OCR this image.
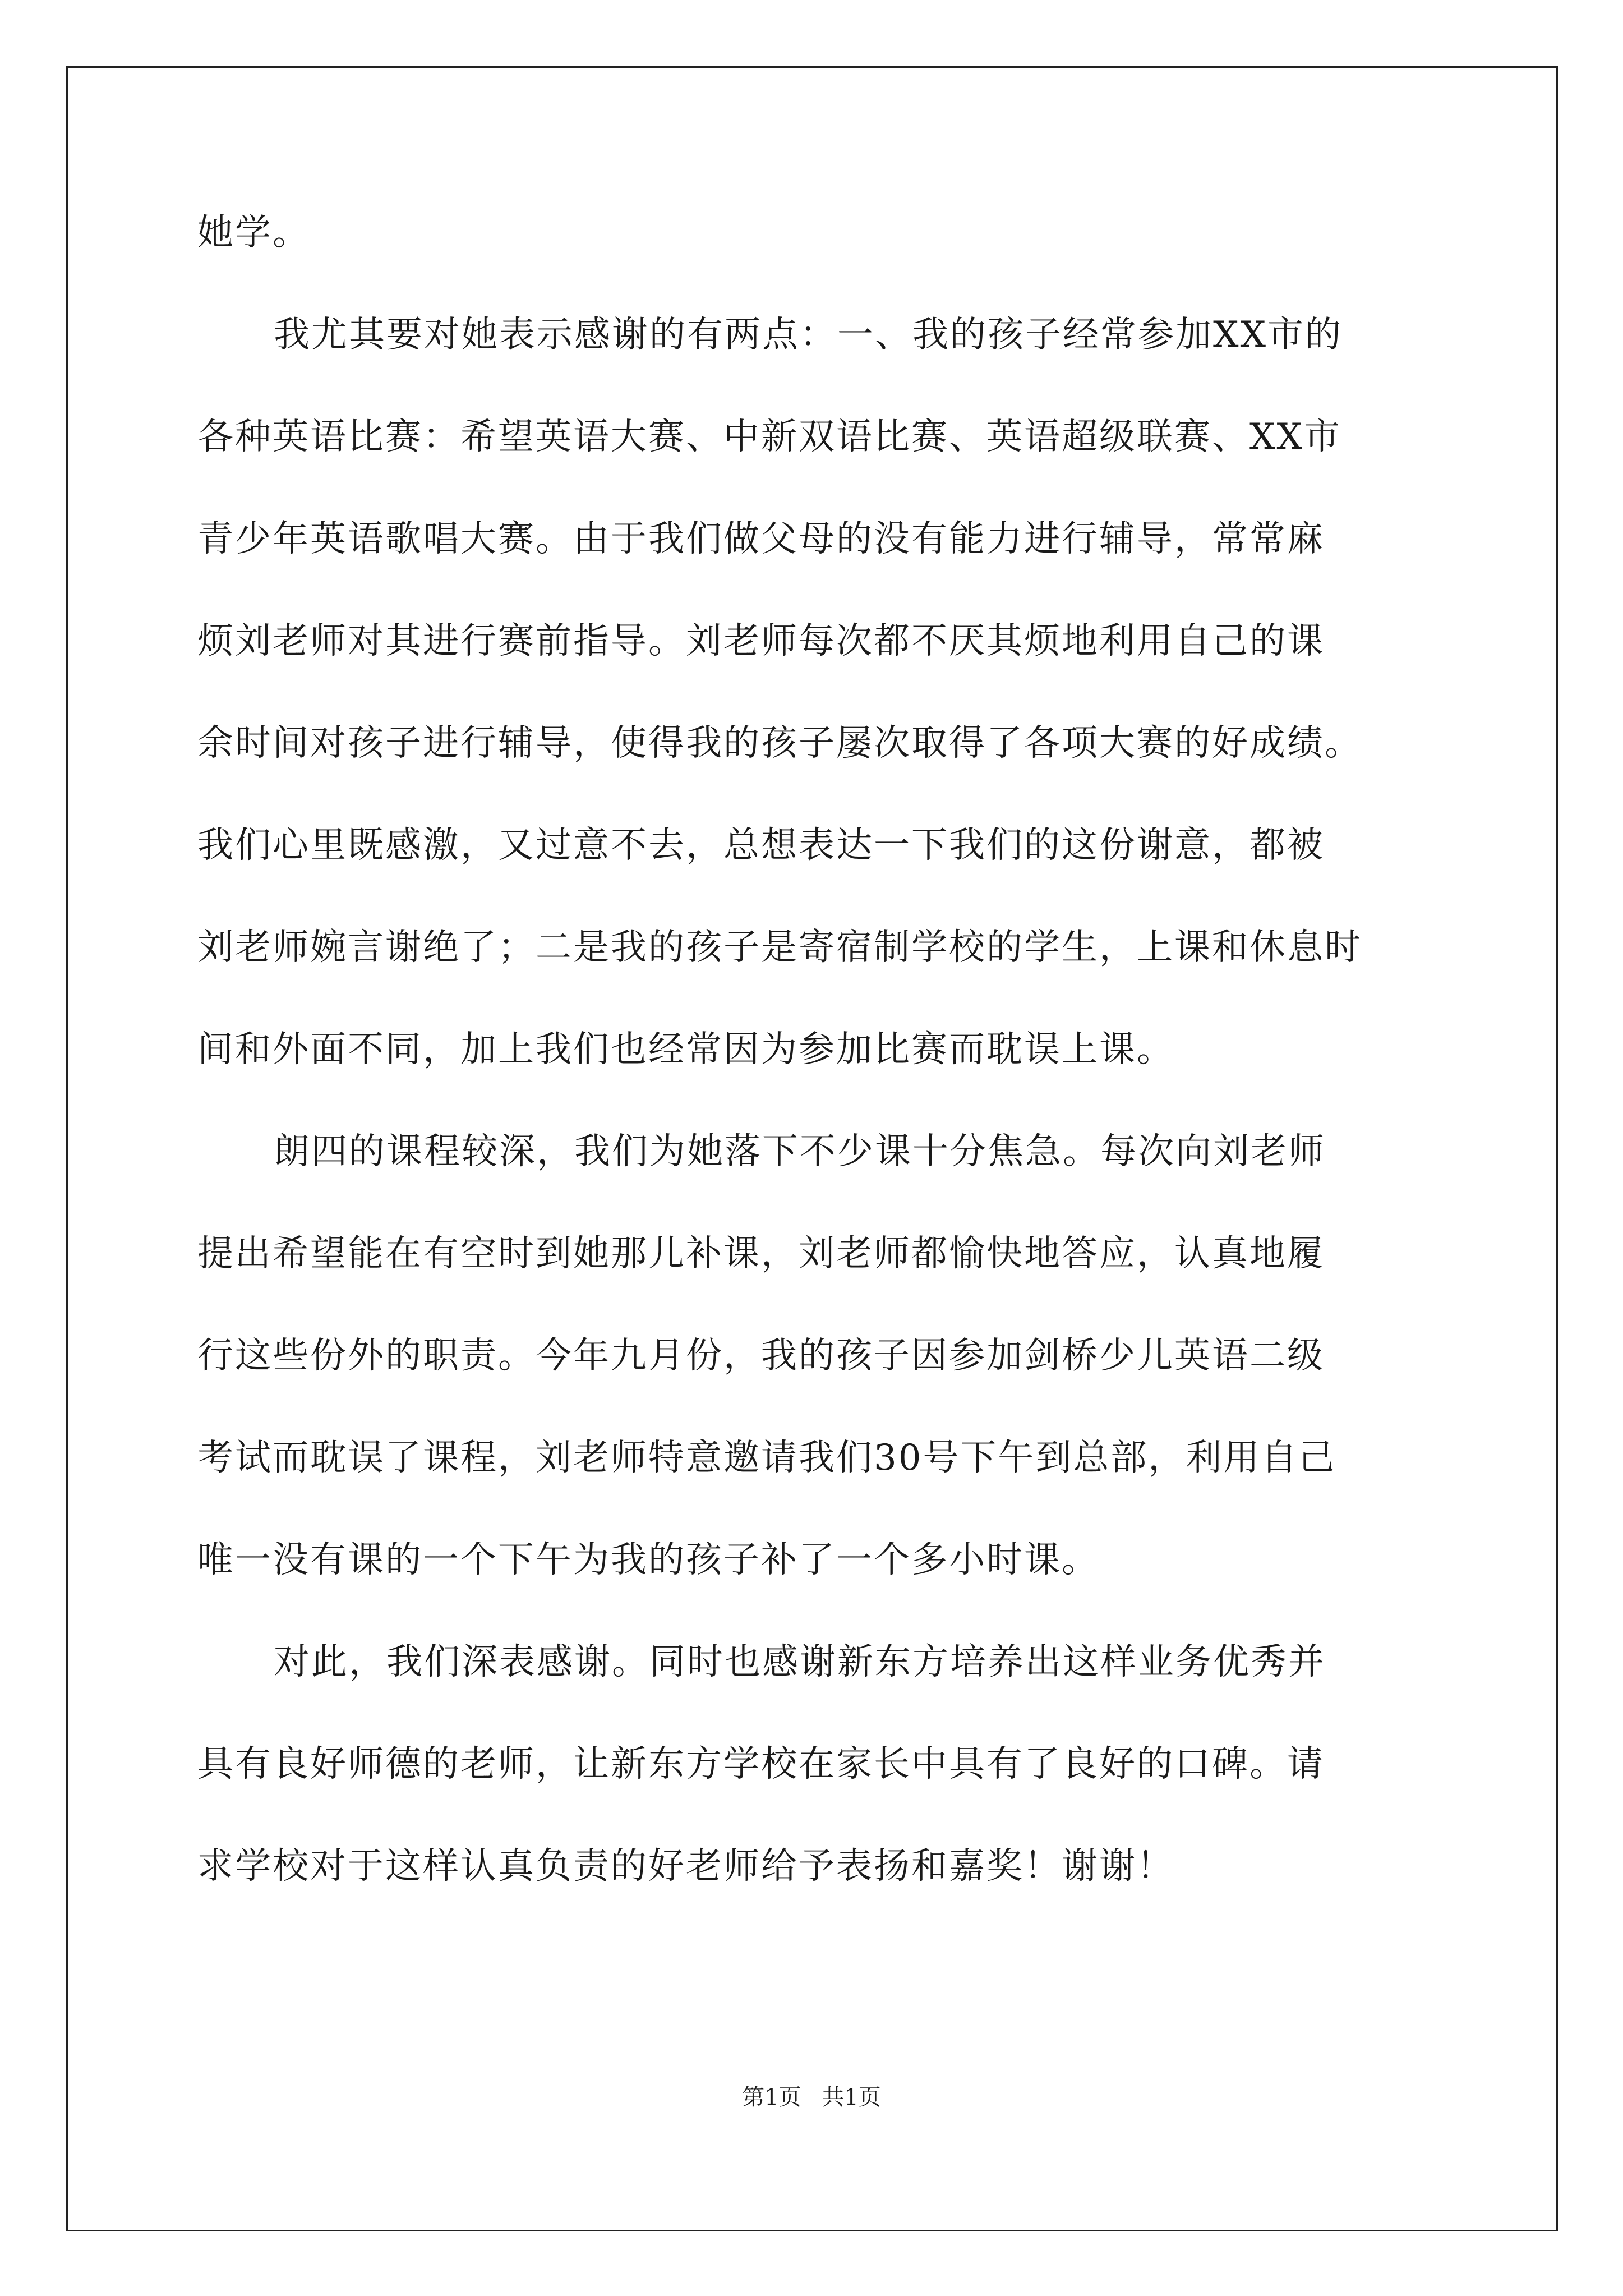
她学。
我尤其要对她表示感谢的有两点：一、我的孩子经常参加XX市的
各种英语比赛：希望英语大赛、中新双语比赛、英语超级联赛、XX市
青少年英语歌唱大赛。由于我们做父母的没有能力进行辅导，常常麻
烦刘老师对其进行赛前指导。刘老师每次都不厌其烦地利用自己的课
余时间对孩子进行辅导，使得我的孩子屡次取得了各项大赛的好成绩。
我们心里既感激，又过意不去，总想表达一下我们的这份谢意，都被
刘老师婉言谢绝了；二是我的孩子是寄宿制学校的学生，上课和休息时
间和外面不同，加上我们也经常因为参加比赛而耽误上课。
朗四的课程较深，我们为她落下不少课十分焦急。每次向刘老师
提出希望能在有空时到她那儿补课，刘老师都愉快地答应，认真地履
行这些份外的职责。今年九月份，我的孩子因参加剑桥少儿英语二级
考试而耽误了课程，刘老师特意邀请我们30号下午到总部，利用自己
唯一没有课的一个下午为我的孩子补了一个多小时课。
对此，我们深表感谢。同时也感谢新东方培养出这样业务优秀并
具有良好师德的老师，让新东方学校在家长中具有了良好的口碑。请
求学校对于这样认真负责的好老师给予表扬和嘉奖！谢谢！
第1页 共1页
